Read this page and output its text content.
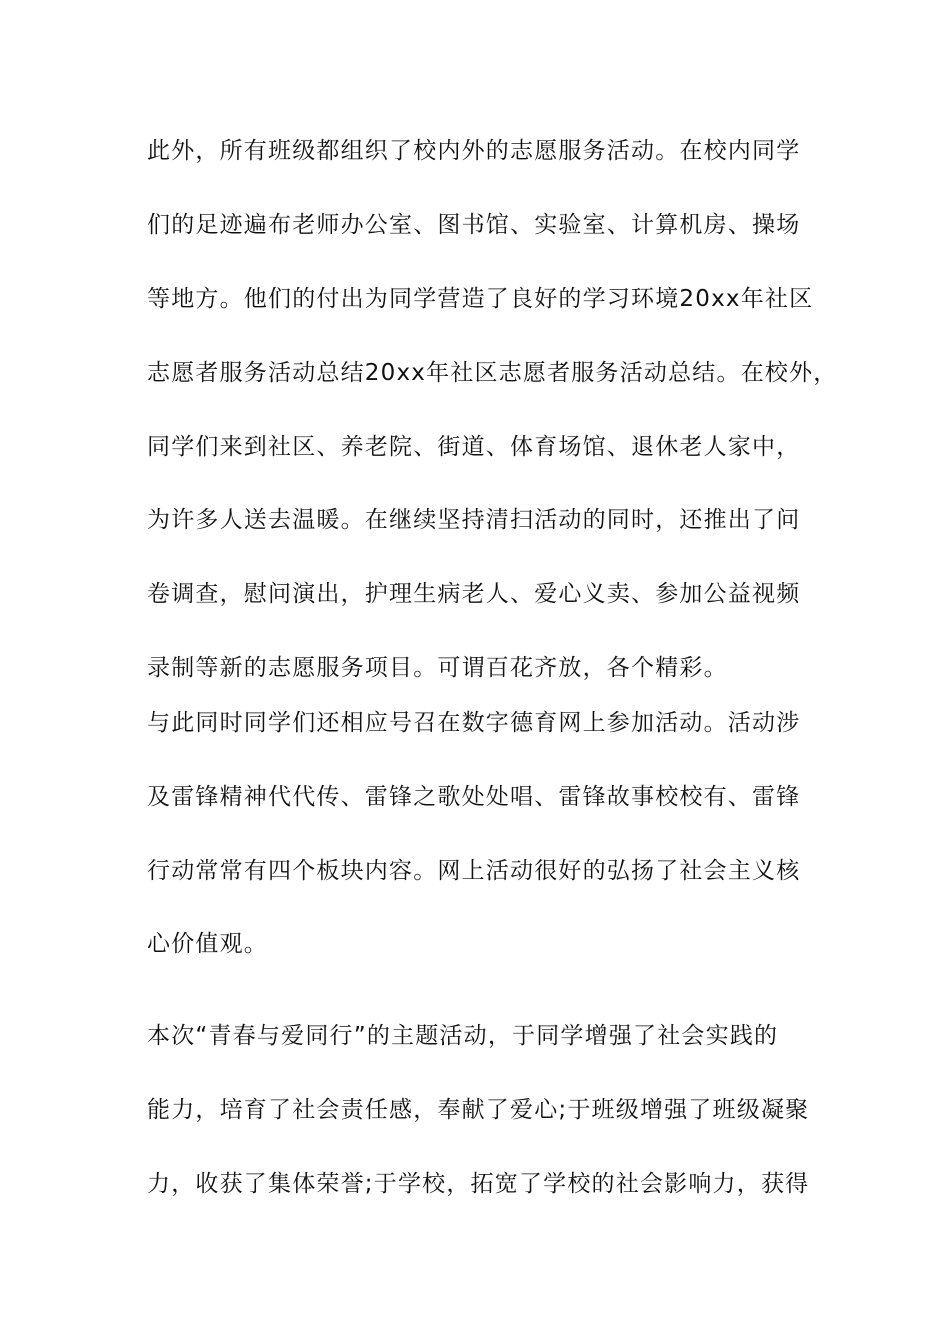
此外，所有班级都组织了校内外的志愿服务活动。在校内同学

们的足迹遍布老师办公室、图书馆、实验室、计算机房、操场

等地方。他们的付出为同学营造了良好的学习环境20xx年社区

志愿者服务活动总结20xx年社区志愿者服务活动总结。在校外，

同学们来到社区、养老院、街道、体育场馆、退休老人家中，

为许多人送去温暖。在继续坚持清扫活动的同时，还推出了问

卷调查，慰问演出，护理生病老人、爱心义卖、参加公益视频

录制等新的志愿服务项目。可谓百花齐放，各个精彩。

与此同时同学们还相应号召在数字德育网上参加活动。活动涉

及雷锋精神代代传、雷锋之歌处处唱、雷锋故事校校有、雷锋

行动常常有四个板块内容。网上活动很好的弘扬了社会主义核

心价值观。

本次“青春与爱同行”的主题活动，于同学增强了社会实践的

能力，培育了社会责任感，奉献了爱心;于班级增强了班级凝聚

力，收获了集体荣誉;于学校，拓宽了学校的社会影响力，获得
